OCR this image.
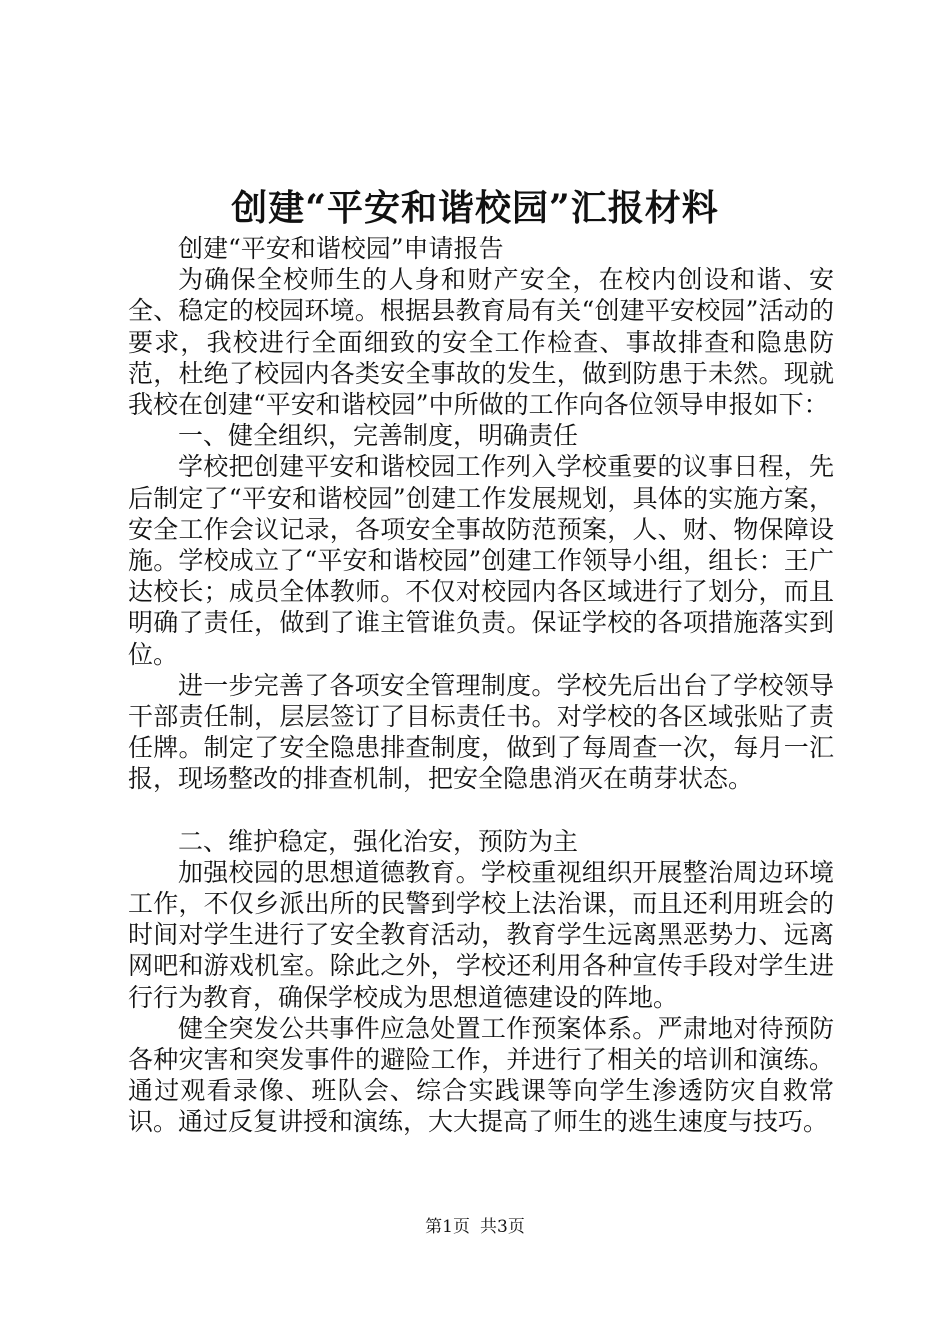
创建“平安和谐校园”汇报材料

创建“平安和谐校园”申请报告

为确保全校师生的人身和财产安全，在校内创设和谐、安全、稳定的校园环境。根据县教育局有关“创建平安校园”活动的要求，我校进行全面细致的安全工作检查、事故排查和隐患防范，杜绝了校园内各类安全事故的发生，做到防患于未然。现就我校在创建“平安和谐校园”中所做的工作向各位领导申报如下：

一、健全组织，完善制度，明确责任

学校把创建平安和谐校园工作列入学校重要的议事日程，先后制定了“平安和谐校园”创建工作发展规划，具体的实施方案，安全工作会议记录，各项安全事故防范预案，人、财、物保障设施。学校成立了“平安和谐校园”创建工作领导小组，组长：王广达校长；成员全体教师。不仅对校园内各区域进行了划分，而且明确了责任，做到了谁主管谁负责。保证学校的各项措施落实到位。

进一步完善了各项安全管理制度。学校先后出台了学校领导干部责任制，层层签订了目标责任书。对学校的各区域张贴了责任牌。制定了安全隐患排查制度，做到了每周查一次，每月一汇报，现场整改的排查机制，把安全隐患消灭在萌芽状态。

二、维护稳定，强化治安，预防为主

加强校园的思想道德教育。学校重视组织开展整治周边环境工作，不仅乡派出所的民警到学校上法治课，而且还利用班会的时间对学生进行了安全教育活动，教育学生远离黑恶势力、远离网吧和游戏机室。除此之外，学校还利用各种宣传手段对学生进行行为教育，确保学校成为思想道德建设的阵地。

健全突发公共事件应急处置工作预案体系。严肃地对待预防各种灾害和突发事件的避险工作，并进行了相关的培训和演练。通过观看录像、班队会、综合实践课等向学生渗透防灾自救常识。通过反复讲授和演练，大大提高了师生的逃生速度与技巧。

第1页 共3页
